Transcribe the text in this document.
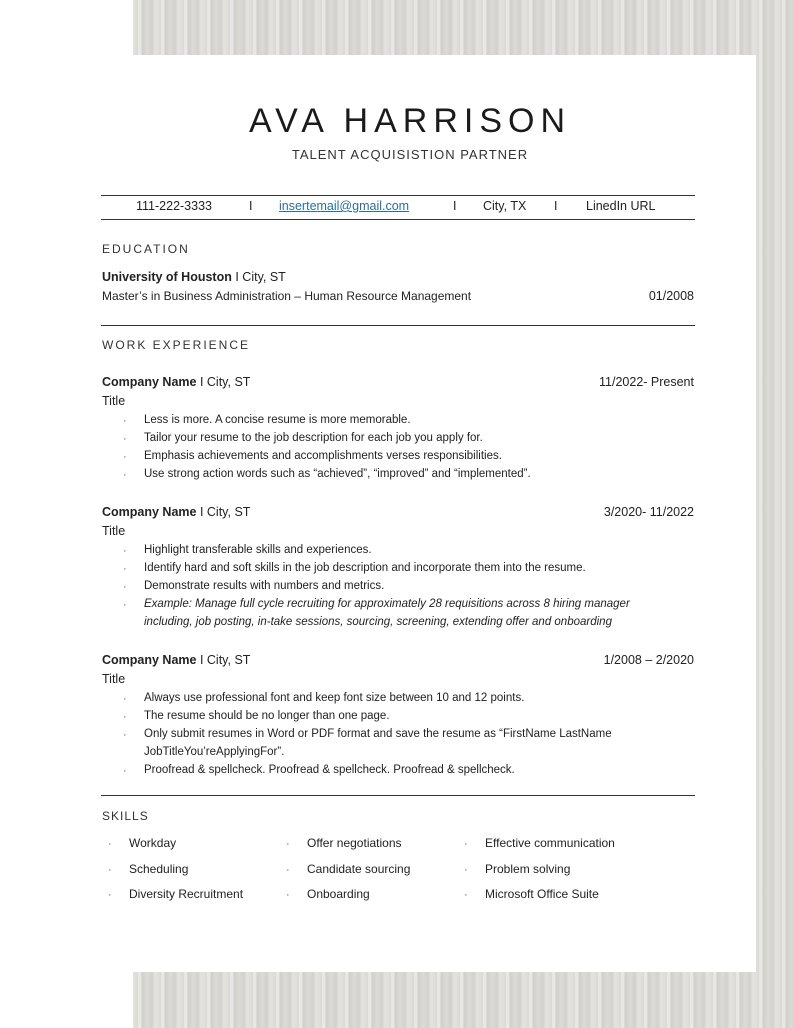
AVA HARRISON
TALENT ACQUISISTION PARTNER
111-222-3333	I insertemail@gmail.com	I City, TX I LinedIn URL
EDUCATION
University of Houston I City, ST
Master’s in Business Administration – Human Resource Management	01/2008
WORK EXPERIENCE
Company Name I City, ST	11/2022- Present
Title
· Less is more. A concise resume is more memorable.
· Tailor your resume to the job description for each job you apply for.
· Emphasis achievements and accomplishments verses responsibilities.
· Use strong action words such as “achieved”, “improved” and “implemented”.
Company Name I City, ST	3/2020- 11/2022
Title
· Highlight transferable skills and experiences.
· Identify hard and soft skills in the job description and incorporate them into the resume.
· Demonstrate results with numbers and metrics.
· Example: Manage full cycle recruiting for approximately 28 requisitions across 8 hiring manager
including, job posting, in-take sessions, sourcing, screening, extending offer and onboarding
Company Name I City, ST	1/2008 – 2/2020
Title
· Always use professional font and keep font size between 10 and 12 points.
· The resume should be no longer than one page.
· Only submit resumes in Word or PDF format and save the resume as “FirstName LastName
JobTitleYou’reApplyingFor”.
· Proofread & spellcheck. Proofread & spellcheck. Proofread & spellcheck.
SKILLS
· Workday	· Offer negotiations	· Effective communication
· Scheduling	· Candidate sourcing	· Problem solving
· Diversity Recruitment	· Onboarding	· Microsoft Office Suite
